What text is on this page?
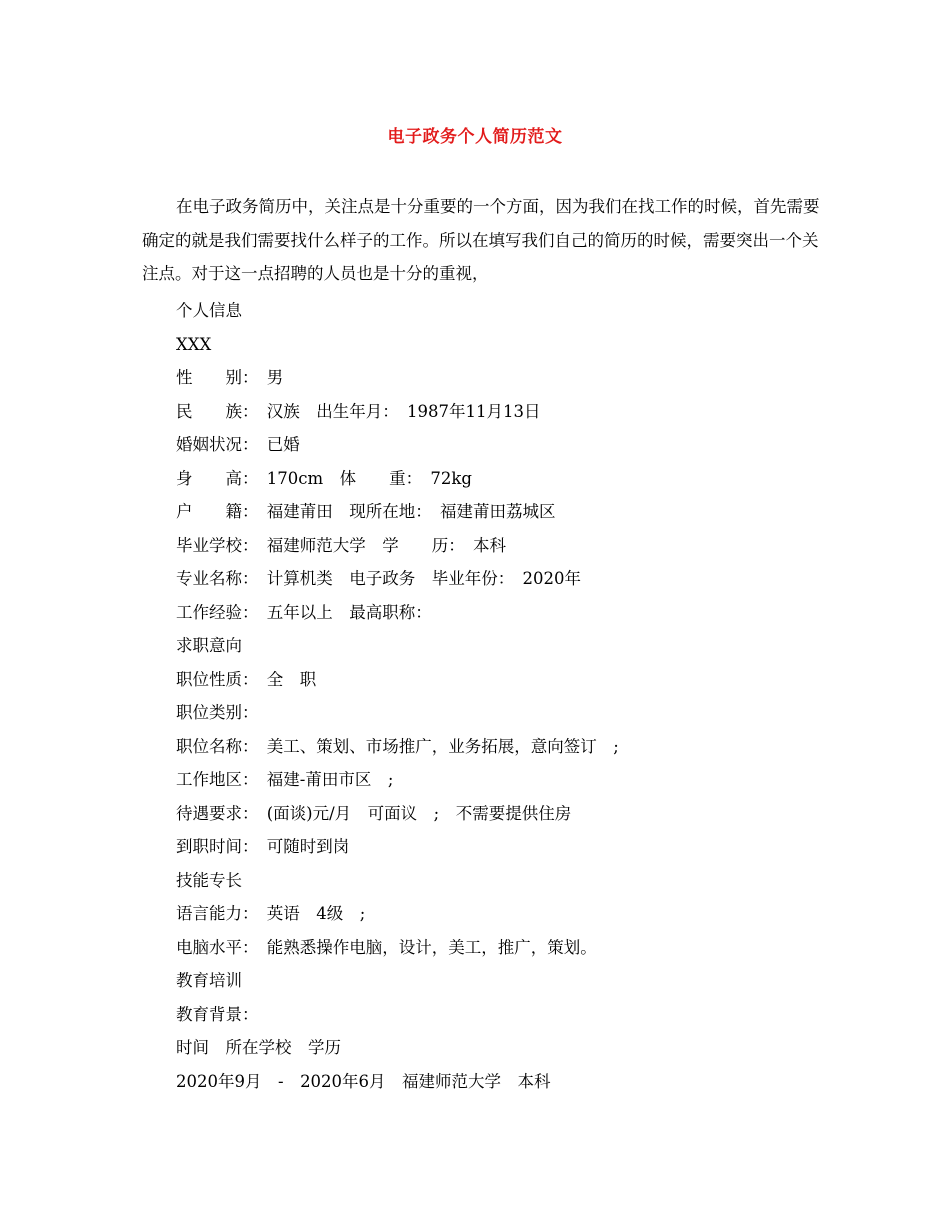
电子政务个人简历范文

在电子政务简历中，关注点是十分重要的一个方面，因为我们在找工作的时候，首先需要确定的就是我们需要找什么样子的工作。所以在填写我们自己的简历的时候，需要突出一个关注点。对于这一点招聘的人员也是十分的重视，

个人信息
XXX
性　　别：　男
民　　族：　汉族　出生年月：　1987年11月13日
婚姻状况：　已婚
身　　高：　170cm　体　　重：　72kg
户　　籍：　福建莆田　现所在地：　福建莆田荔城区
毕业学校：　福建师范大学　学　　历：　本科
专业名称：　计算机类　电子政务　毕业年份：　2020年
工作经验：　五年以上　最高职称：
求职意向
职位性质：　全　职
职位类别：
职位名称：　美工、策划、市场推广，业务拓展，意向签订　;
工作地区：　福建-莆田市区　;
待遇要求：　(面谈)元/月　可面议　;　不需要提供住房
到职时间：　可随时到岗
技能专长
语言能力：　英语　4级　;
电脑水平：　能熟悉操作电脑，设计，美工，推广，策划。
教育培训
教育背景：
时间　所在学校　学历
2020年9月　-　2020年6月　福建师范大学　本科
